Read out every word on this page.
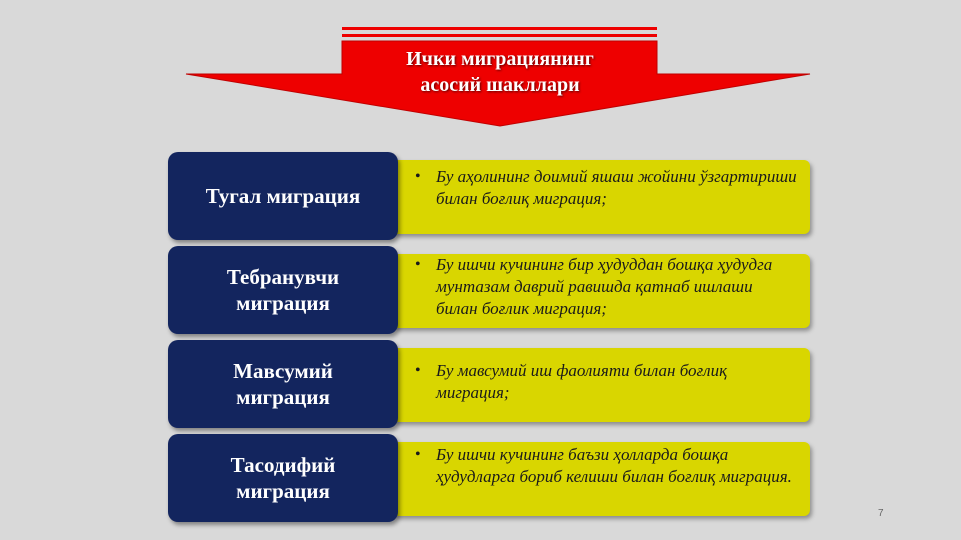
Ички миграциянинг
асосий шакллари
Тугал миграция
• Бу аҳолининг доимий яшаш жойини ўзгартириши билан боғлиқ миграция;
Тебранувчи
миграция
• Бу ишчи кучининг бир ҳудуддан бошқа ҳудудга мунтазам даврий равишда қатнаб ишлаши билан боғлик миграция;
Мавсумий
миграция
• Бу мавсумий иш фаолияти билан боғлиқ миграция;
Тасодифий
миграция
• Бу ишчи кучининг баъзи ҳолларда бошқа ҳудудларга бориб келиши билан боғлиқ миграция.
7
